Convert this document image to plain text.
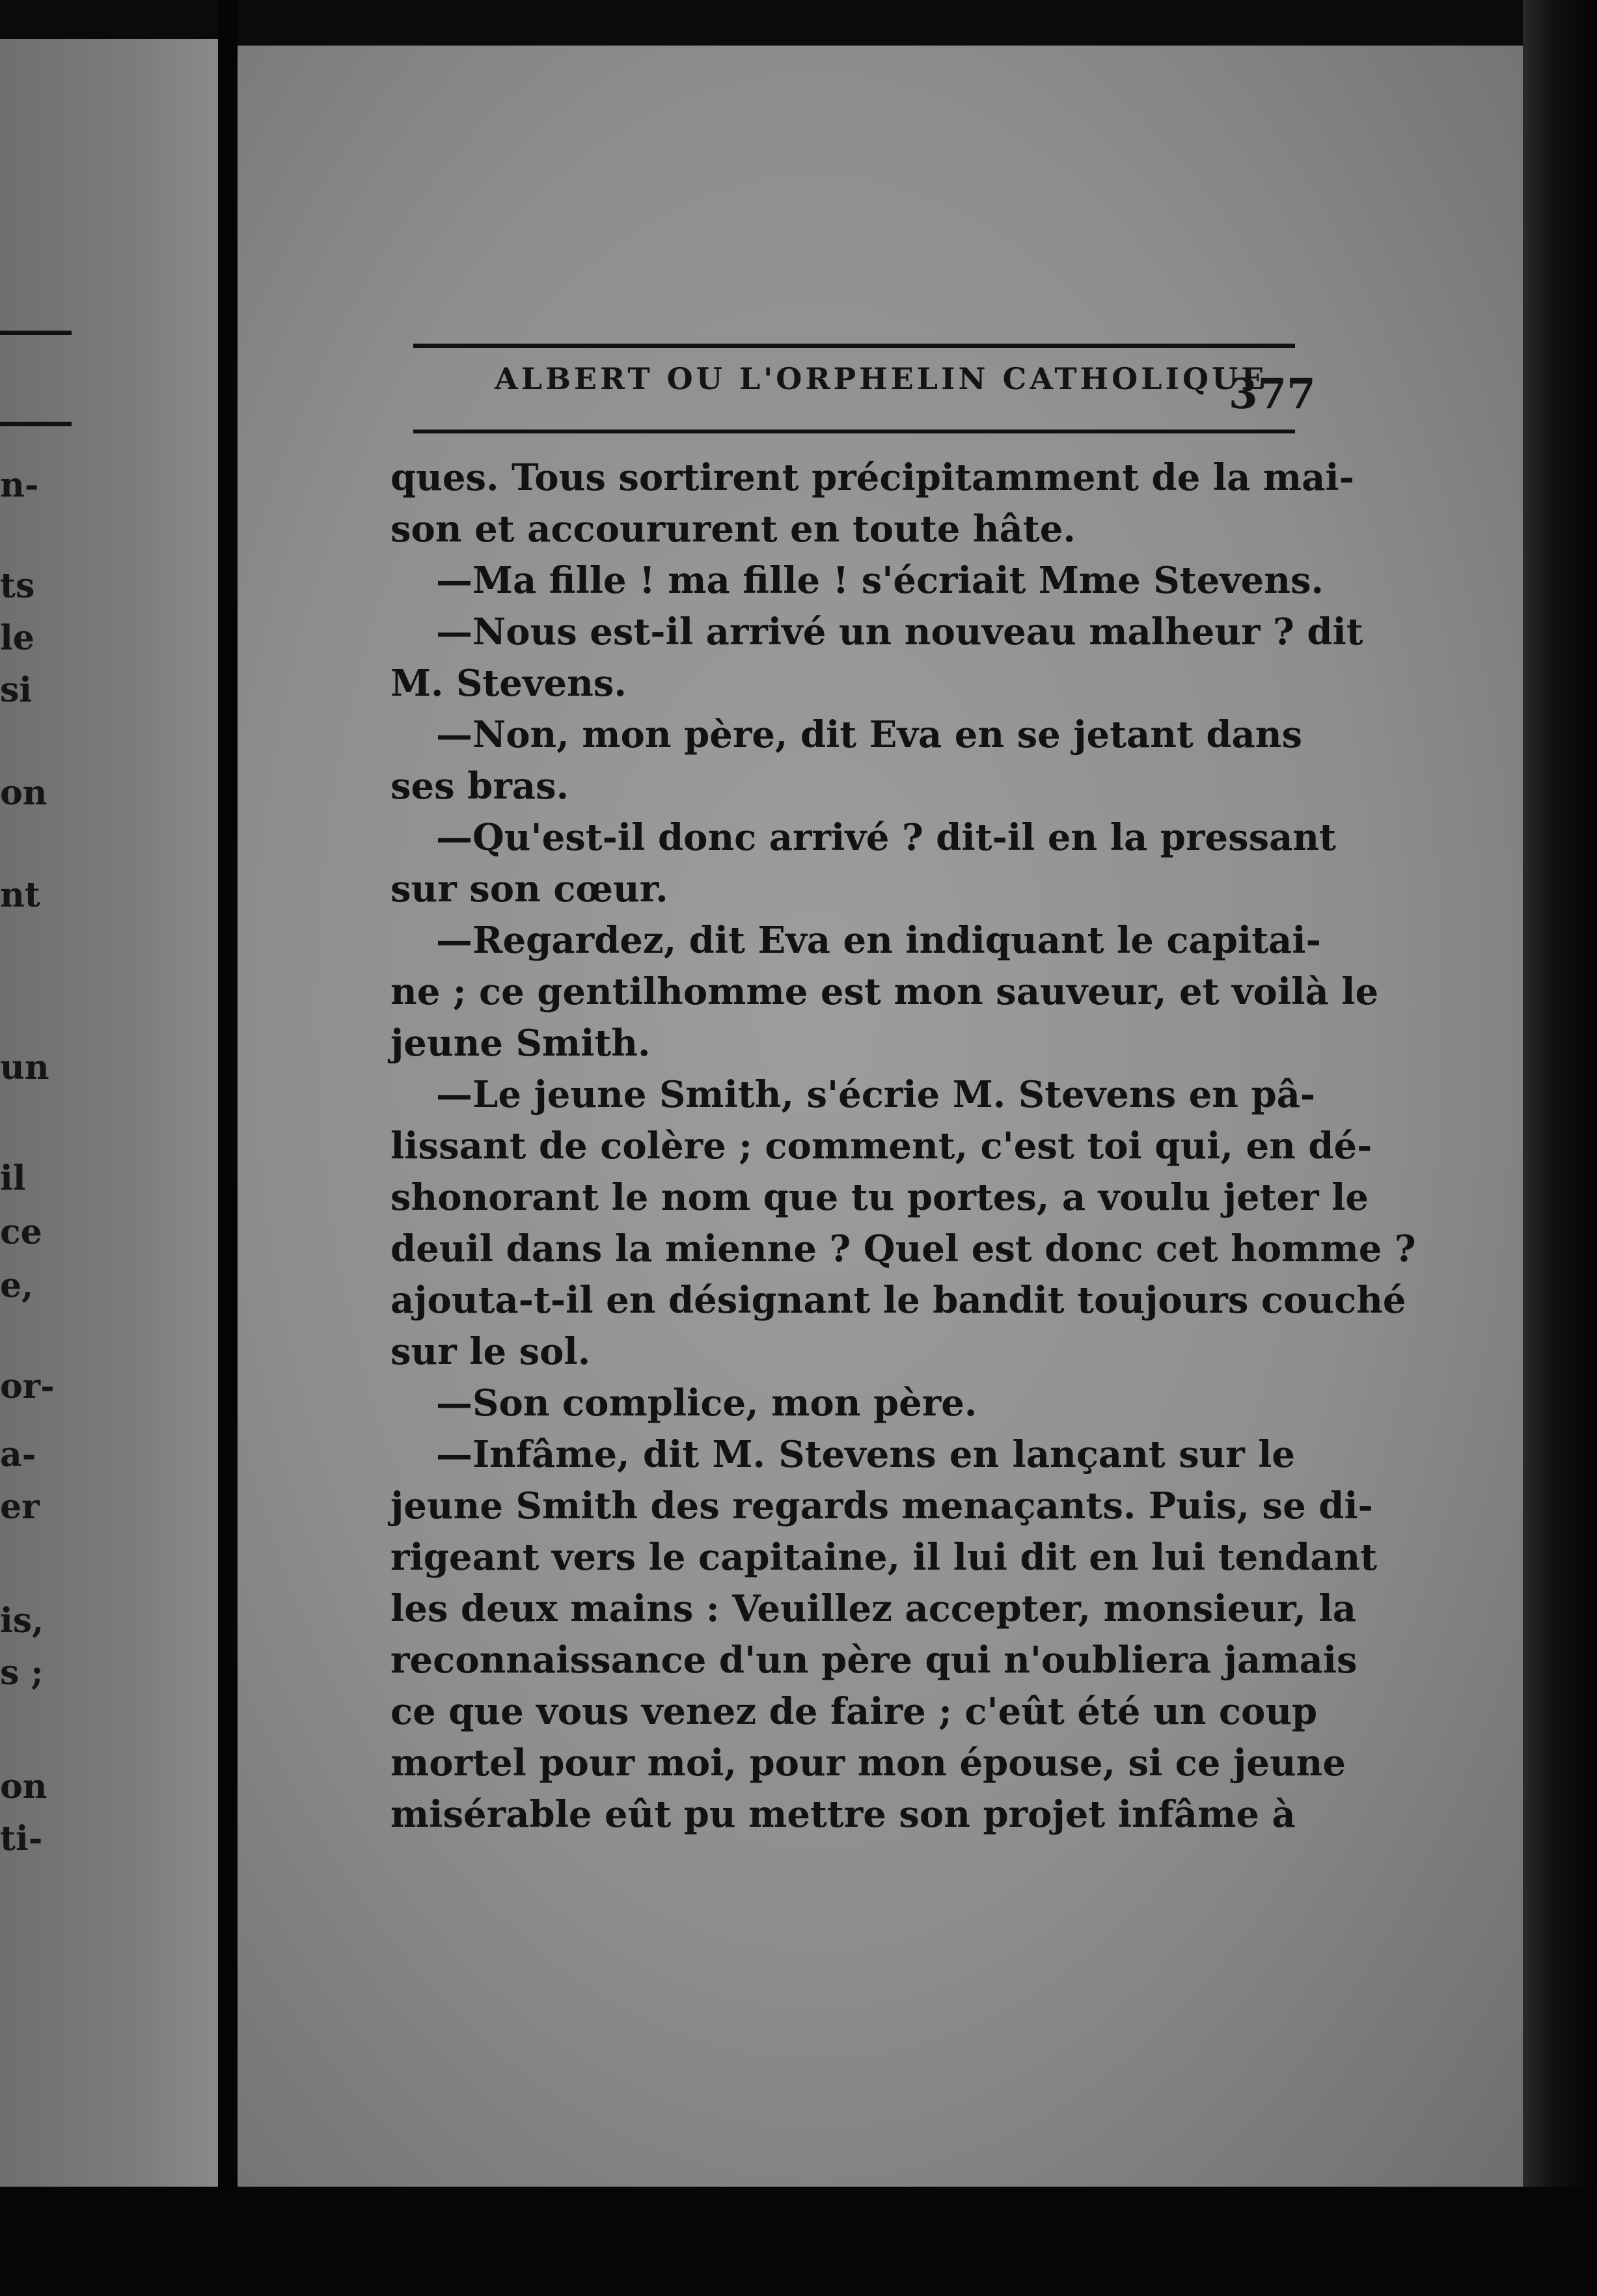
n-
ts
le
si
on
nt
un
il
ce
e,
or-
a-
er
is,
s ;
on
ti-
ALBERT OU L'ORPHELIN CATHOLIQUE
377
ques. Tous sortirent précipitamment de la mai-
son et accoururent en toute hâte.
—Ma fille ! ma fille ! s'écriait Mme Stevens.
—Nous est-il arrivé un nouveau malheur ? dit
M. Stevens.
—Non, mon père, dit Eva en se jetant dans
ses bras.
—Qu'est-il donc arrivé ? dit-il en la pressant
sur son cœur.
—Regardez, dit Eva en indiquant le capitai-
ne ; ce gentilhomme est mon sauveur, et voilà le
jeune Smith.
—Le jeune Smith, s'écrie M. Stevens en pâ-
lissant de colère ; comment, c'est toi qui, en dé-
shonorant le nom que tu portes, a voulu jeter le
deuil dans la mienne ? Quel est donc cet homme ?
ajouta-t-il en désignant le bandit toujours couché
sur le sol.
—Son complice, mon père.
—Infâme, dit M. Stevens en lançant sur le
jeune Smith des regards menaçants. Puis, se di-
rigeant vers le capitaine, il lui dit en lui tendant
les deux mains : Veuillez accepter, monsieur, la
reconnaissance d'un père qui n'oubliera jamais
ce que vous venez de faire ; c'eût été un coup
mortel pour moi, pour mon épouse, si ce jeune
misérable eût pu mettre son projet infâme à
